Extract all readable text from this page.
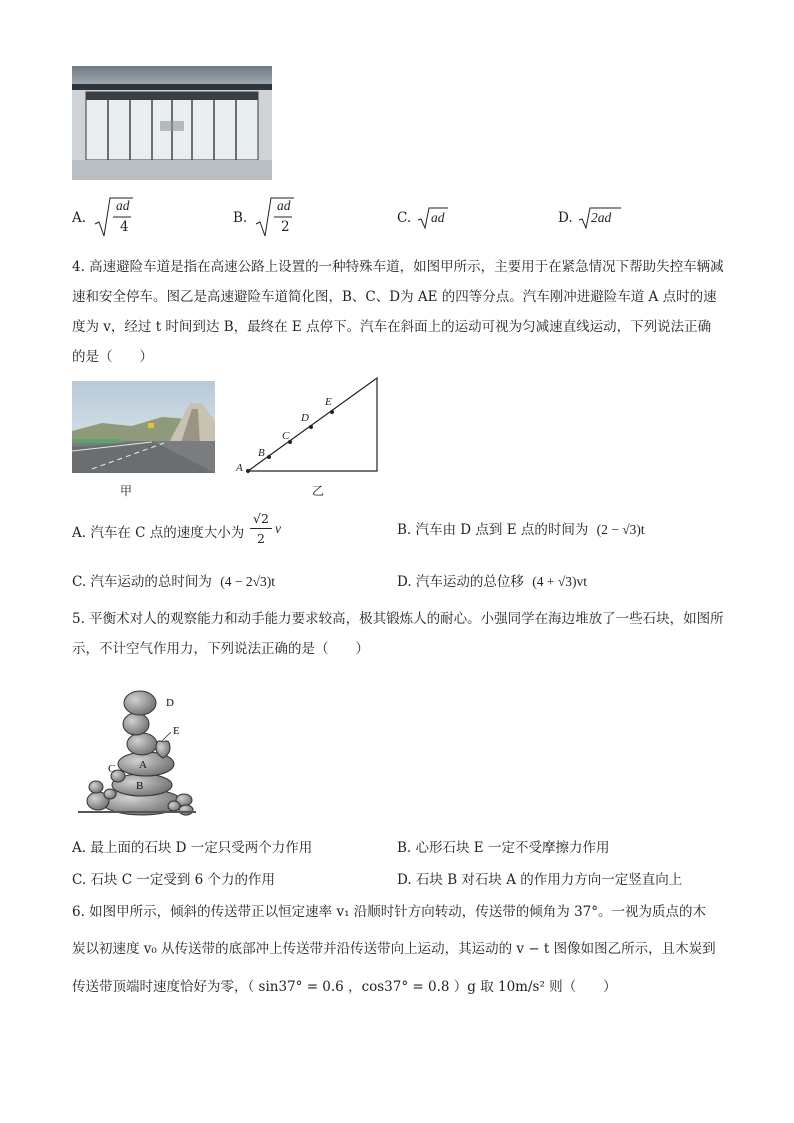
A.
ad
4
B.
ad
2
C. ad	D. 2ad
4. 高速避险车道是指在高速公路上设置的一种特殊车道，如图甲所示，主要用于在紧急情况下帮助失控车辆减速和安全停车。图乙是高速避险车道简化图，B、C、D为 AE 的四等分点。汽车刚冲进避险车道 A 点时的速度为 v，经过 t 时间到达 B，最终在 E 点停下。汽车在斜面上的运动可视为匀减速直线运动，下列说法正确的是（　　）
甲
A
B
C
D
E
乙
A. 汽车在 C 点的速度大小为 $\frac{√2}{2}$ v	B. 汽车由 D 点到 E 点的时间为 (2 − √3)t
C. 汽车运动的总时间为 (4 − 2√3)t	D. 汽车运动的总位移 (4 + √3)vt
5. 平衡术对人的观察能力和动手能力要求较高，极其锻炼人的耐心。小强同学在海边堆放了一些石块，如图所示，不计空气作用力，下列说法正确的是（　　）
D
E
A
B
C
A. 最上面的石块 D 一定只受两个力作用	B. 心形石块 E 一定不受摩擦力作用
C. 石块 C 一定受到 6 个力的作用	D. 石块 B 对石块 A 的作用力方向一定竖直向上
6. 如图甲所示，倾斜的传送带正以恒定速率 v₁ 沿顺时针方向转动，传送带的倾角为 37°。一视为质点的木
炭以初速度 v₀ 从传送带的底部冲上传送带并沿传送带向上运动，其运动的 v − t 图像如图乙所示，且木炭到
传送带顶端时速度恰好为零，（ sin37° = 0.6 ，cos37° = 0.8 ）g 取 10m/s² 则（　　）
